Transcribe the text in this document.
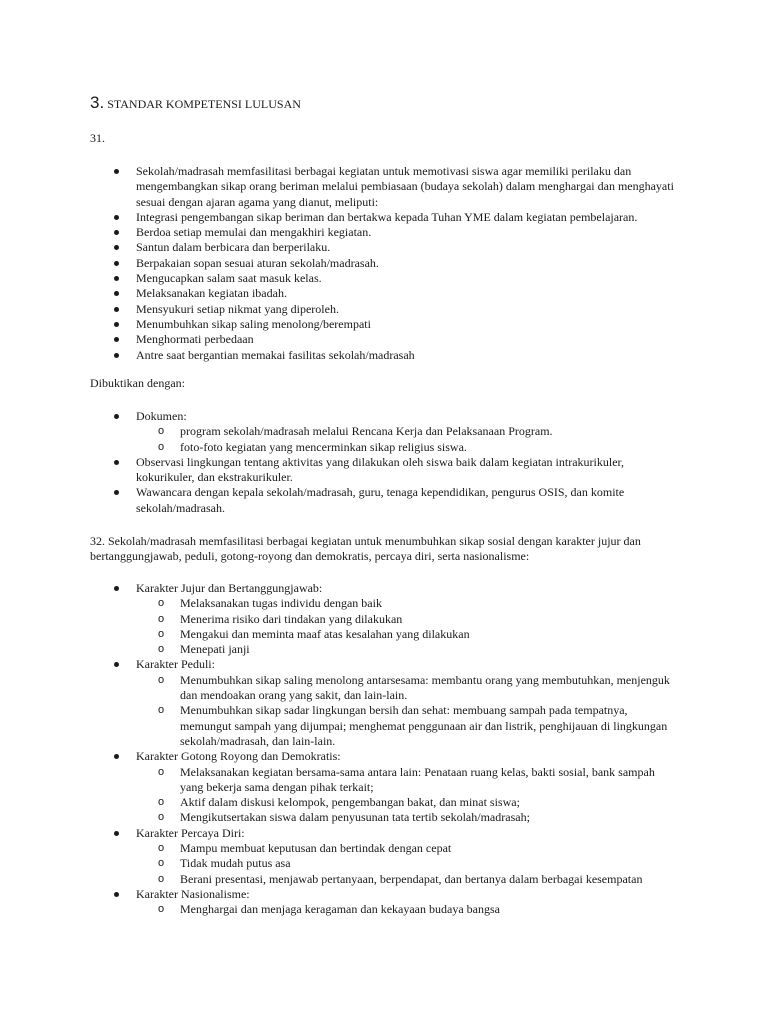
3. STANDAR KOMPETENSI LULUSAN
31.
Sekolah/madrasah memfasilitasi berbagai kegiatan untuk memotivasi siswa agar memiliki perilaku dan mengembangkan sikap orang beriman melalui pembiasaan (budaya sekolah) dalam menghargai dan menghayati sesuai dengan ajaran agama yang dianut, meliputi:
Integrasi pengembangan sikap beriman dan bertakwa kepada Tuhan YME dalam kegiatan pembelajaran.
Berdoa setiap memulai dan mengakhiri kegiatan.
Santun dalam berbicara dan berperilaku.
Berpakaian sopan sesuai aturan sekolah/madrasah.
Mengucapkan salam saat masuk kelas.
Melaksanakan kegiatan ibadah.
Mensyukuri setiap nikmat yang diperoleh.
Menumbuhkan sikap saling menolong/berempati
Menghormati perbedaan
Antre saat bergantian memakai fasilitas sekolah/madrasah
Dibuktikan dengan:
Dokumen:
o program sekolah/madrasah melalui Rencana Kerja dan Pelaksanaan Program.
o foto-foto kegiatan yang mencerminkan sikap religius siswa.
Observasi lingkungan tentang aktivitas yang dilakukan oleh siswa baik dalam kegiatan intrakurikuler, kokurikuler, dan ekstrakurikuler.
Wawancara dengan kepala sekolah/madrasah, guru, tenaga kependidikan, pengurus OSIS, dan komite sekolah/madrasah.
32. Sekolah/madrasah memfasilitasi berbagai kegiatan untuk menumbuhkan sikap sosial dengan karakter jujur dan bertanggungjawab, peduli, gotong-royong dan demokratis, percaya diri, serta nasionalisme:
Karakter Jujur dan Bertanggungjawab:
o Melaksanakan tugas individu dengan baik
o Menerima risiko dari tindakan yang dilakukan
o Mengakui dan meminta maaf atas kesalahan yang dilakukan
o Menepati janji
Karakter Peduli:
o Menumbuhkan sikap saling menolong antarsesama: membantu orang yang membutuhkan, menjenguk dan mendoakan orang yang sakit, dan lain-lain.
o Menumbuhkan sikap sadar lingkungan bersih dan sehat: membuang sampah pada tempatnya, memungut sampah yang dijumpai; menghemat penggunaan air dan listrik, penghijauan di lingkungan sekolah/madrasah, dan lain-lain.
Karakter Gotong Royong dan Demokratis:
o Melaksanakan kegiatan bersama-sama antara lain: Penataan ruang kelas, bakti sosial, bank sampah yang bekerja sama dengan pihak terkait;
o Aktif dalam diskusi kelompok, pengembangan bakat, dan minat siswa;
o Mengikutsertakan siswa dalam penyusunan tata tertib sekolah/madrasah;
Karakter Percaya Diri:
o Mampu membuat keputusan dan bertindak dengan cepat
o Tidak mudah putus asa
o Berani presentasi, menjawab pertanyaan, berpendapat, dan bertanya dalam berbagai kesempatan
Karakter Nasionalisme:
o Menghargai dan menjaga keragaman dan kekayaan budaya bangsa
